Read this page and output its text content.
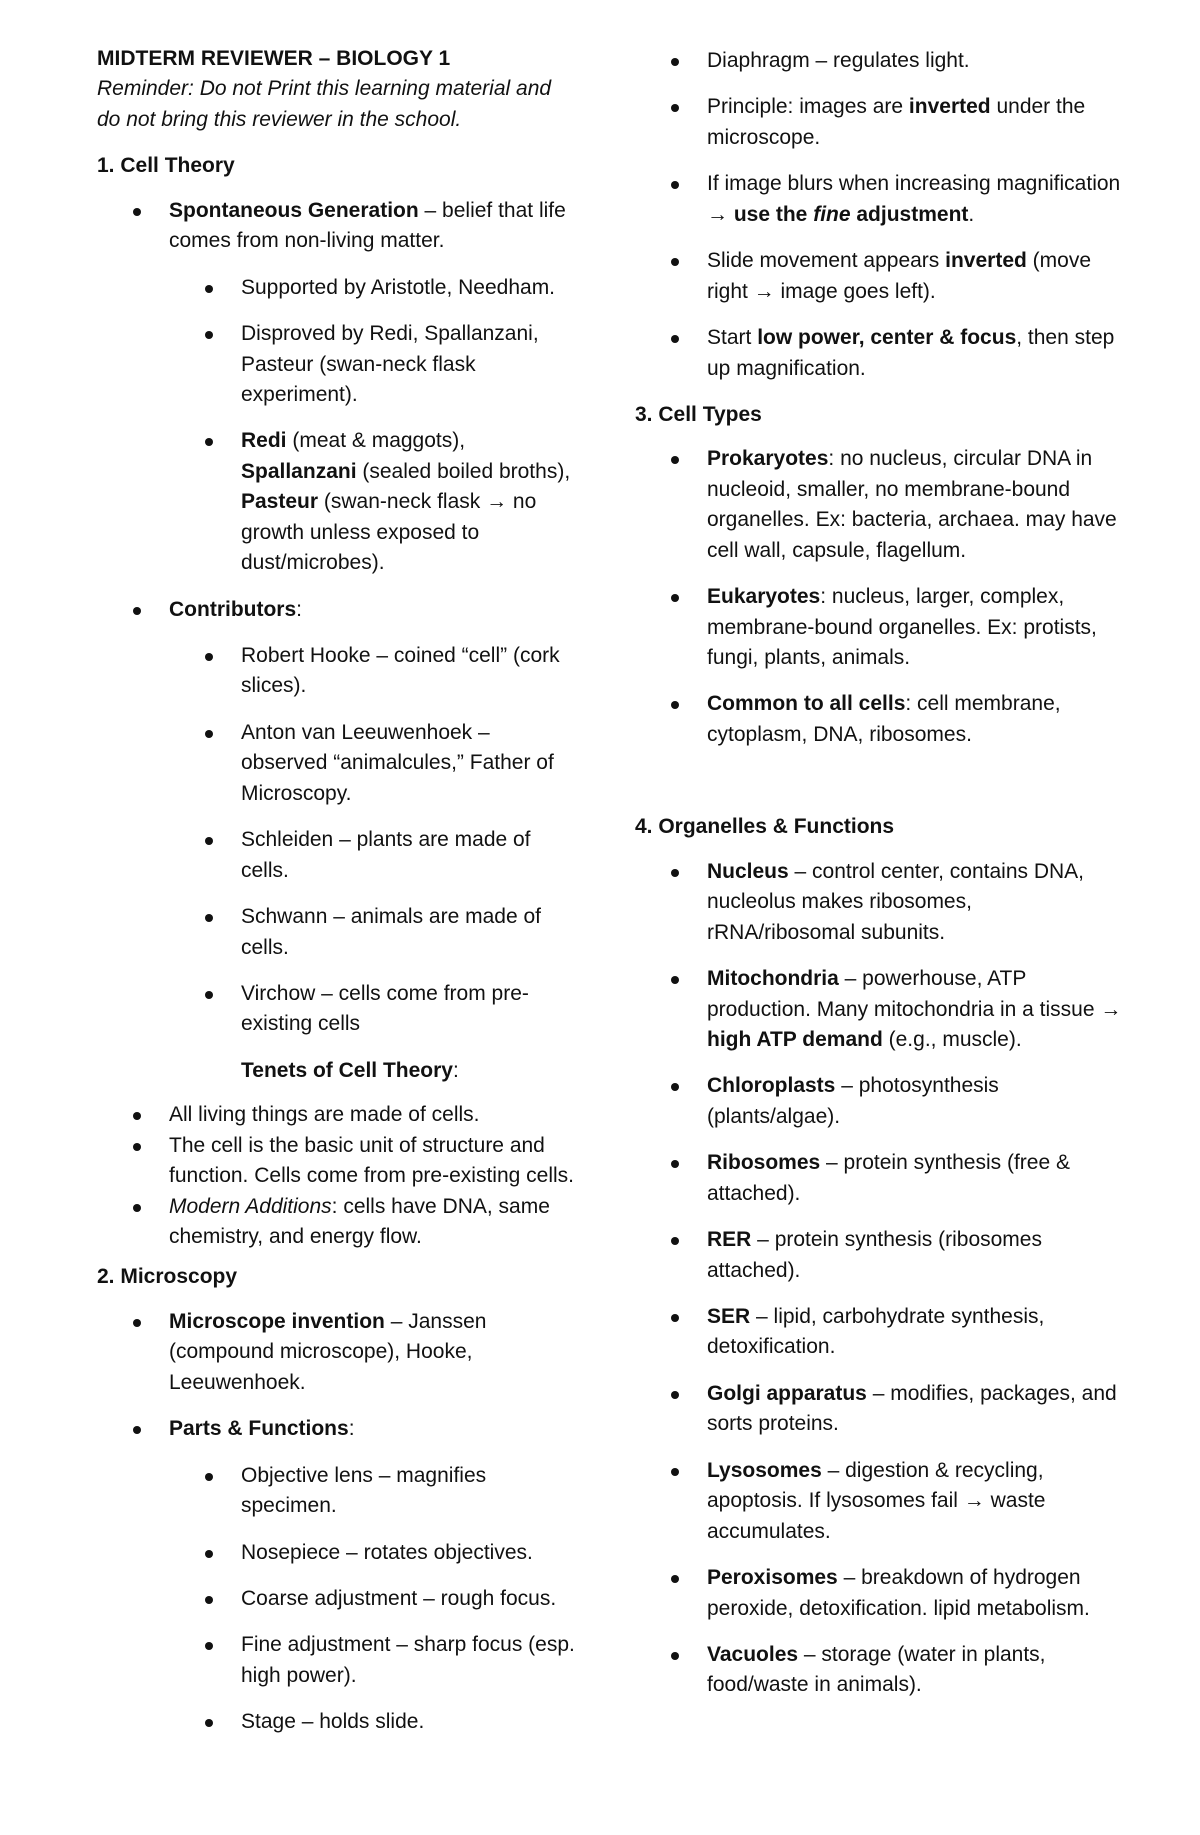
MIDTERM REVIEWER – BIOLOGY 1

Reminder: Do not Print this learning material and do not bring this reviewer in the school.

1. Cell Theory

Spontaneous Generation – belief that life comes from non-living matter.
Supported by Aristotle, Needham.
Disproved by Redi, Spallanzani, Pasteur (swan-neck flask experiment).
Redi (meat & maggots), Spallanzani (sealed boiled broths), Pasteur (swan-neck flask → no growth unless exposed to dust/microbes).
Contributors:
Robert Hooke – coined “cell” (cork slices).
Anton van Leeuwenhoek – observed “animalcules,” Father of Microscopy.
Schleiden – plants are made of cells.
Schwann – animals are made of cells.
Virchow – cells come from pre-existing cells

Tenets of Cell Theory:

All living things are made of cells.
The cell is the basic unit of structure and function. Cells come from pre-existing cells.
Modern Additions: cells have DNA, same chemistry, and energy flow.

2. Microscopy

Microscope invention – Janssen (compound microscope), Hooke, Leeuwenhoek.
Parts & Functions:
Objective lens – magnifies specimen.
Nosepiece – rotates objectives.
Coarse adjustment – rough focus.
Fine adjustment – sharp focus (esp. high power).
Stage – holds slide.
Diaphragm – regulates light.
Principle: images are inverted under the microscope.
If image blurs when increasing magnification → use the fine adjustment.
Slide movement appears inverted (move right → image goes left).
Start low power, center & focus, then step up magnification.

3. Cell Types

Prokaryotes: no nucleus, circular DNA in nucleoid, smaller, no membrane-bound organelles. Ex: bacteria, archaea. may have cell wall, capsule, flagellum.
Eukaryotes: nucleus, larger, complex, membrane-bound organelles. Ex: protists, fungi, plants, animals.
Common to all cells: cell membrane, cytoplasm, DNA, ribosomes.

4. Organelles & Functions

Nucleus – control center, contains DNA, nucleolus makes ribosomes, rRNA/ribosomal subunits.
Mitochondria – powerhouse, ATP production. Many mitochondria in a tissue → high ATP demand (e.g., muscle).
Chloroplasts – photosynthesis (plants/algae).
Ribosomes – protein synthesis (free & attached).
RER – protein synthesis (ribosomes attached).
SER – lipid, carbohydrate synthesis, detoxification.
Golgi apparatus – modifies, packages, and sorts proteins.
Lysosomes – digestion & recycling, apoptosis. If lysosomes fail → waste accumulates.
Peroxisomes – breakdown of hydrogen peroxide, detoxification. lipid metabolism.
Vacuoles – storage (water in plants, food/waste in animals).
